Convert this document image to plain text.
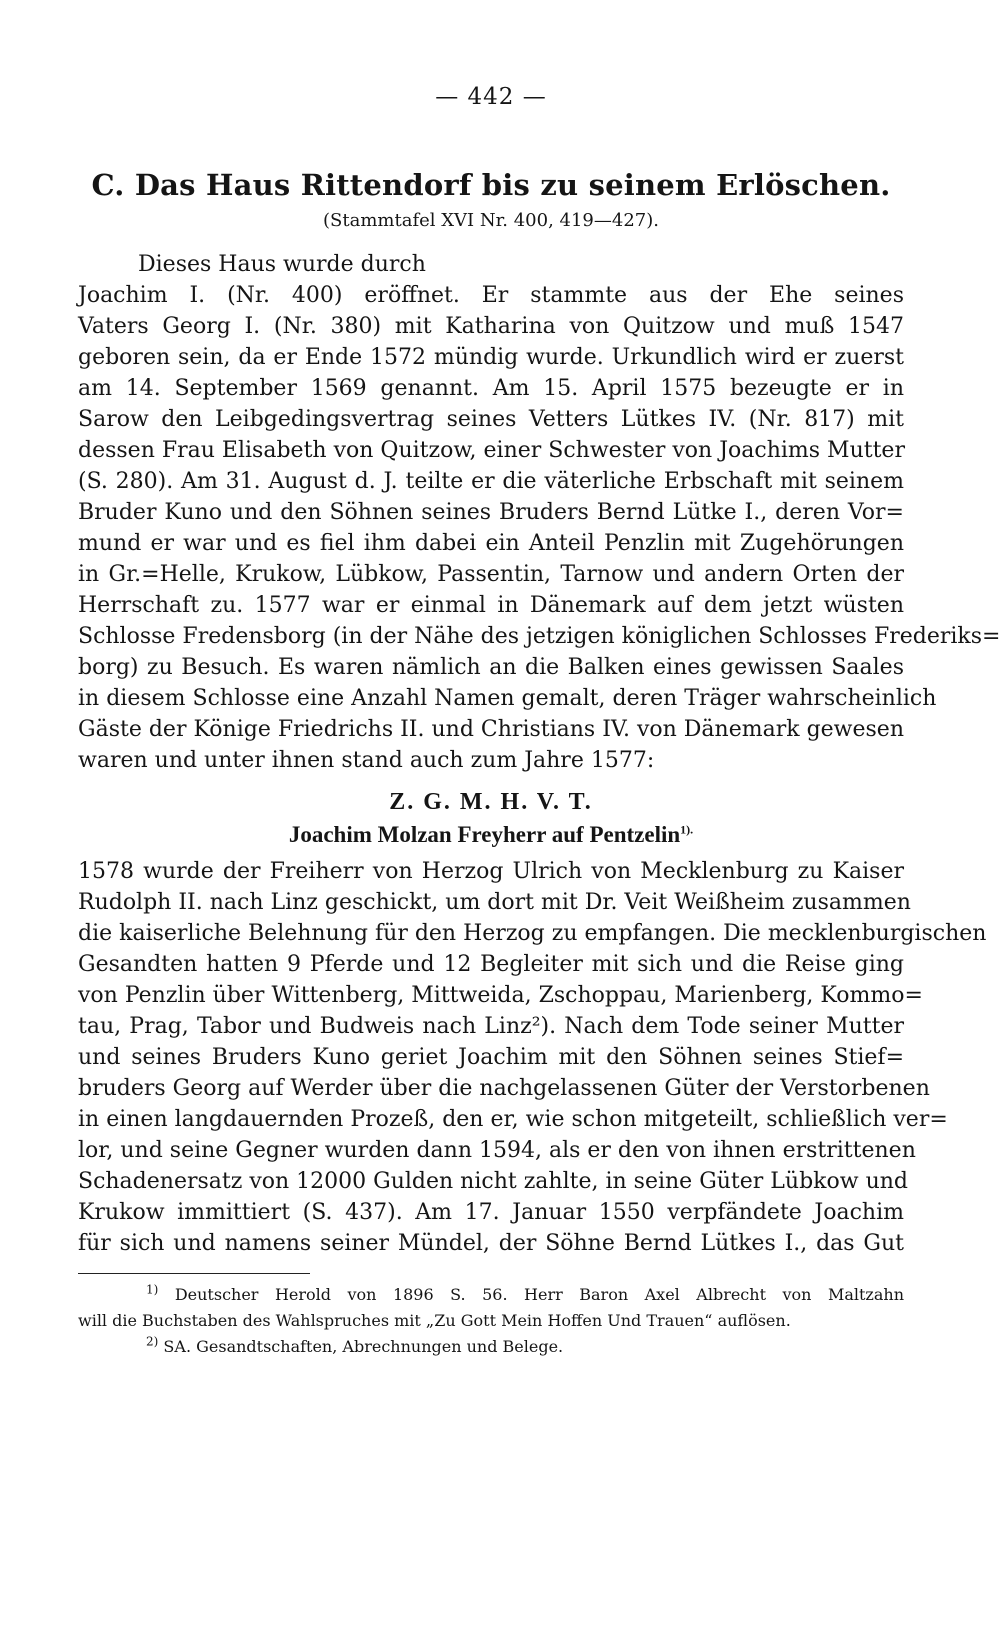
— 442 —
C. Das Haus Rittendorf bis zu seinem Erlöschen.
(Stammtafel XVI Nr. 400, 419—427).
Dieses Haus wurde durch
Joachim I. (Nr. 400) eröffnet. Er stammte aus der Ehe seines
Vaters Georg I. (Nr. 380) mit Katharina von Quitzow und muß 1547
geboren sein, da er Ende 1572 mündig wurde. Urkundlich wird er zuerst
am 14. September 1569 genannt. Am 15. April 1575 bezeugte er in
Sarow den Leibgedingsvertrag seines Vetters Lütkes IV. (Nr. 817) mit
dessen Frau Elisabeth von Quitzow, einer Schwester von Joachims Mutter
(S. 280). Am 31. August d. J. teilte er die väterliche Erbschaft mit seinem
Bruder Kuno und den Söhnen seines Bruders Bernd Lütke I., deren Vor=
mund er war und es fiel ihm dabei ein Anteil Penzlin mit Zugehörungen
in Gr.=Helle, Krukow, Lübkow, Passentin, Tarnow und andern Orten der
Herrschaft zu. 1577 war er einmal in Dänemark auf dem jetzt wüsten
Schlosse Fredensborg (in der Nähe des jetzigen königlichen Schlosses Frederiks=
borg) zu Besuch. Es waren nämlich an die Balken eines gewissen Saales
in diesem Schlosse eine Anzahl Namen gemalt, deren Träger wahrscheinlich
Gäste der Könige Friedrichs II. und Christians IV. von Dänemark gewesen
waren und unter ihnen stand auch zum Jahre 1577:
Z. G. M. H. V. T.
Joachim Molzan Freyherr auf Pentzelin$^{1).}$
1578 wurde der Freiherr von Herzog Ulrich von Mecklenburg zu Kaiser
Rudolph II. nach Linz geschickt, um dort mit Dr. Veit Weißheim zusammen
die kaiserliche Belehnung für den Herzog zu empfangen. Die mecklenburgischen
Gesandten hatten 9 Pferde und 12 Begleiter mit sich und die Reise ging
von Penzlin über Wittenberg, Mittweida, Zschoppau, Marienberg, Kommo=
tau, Prag, Tabor und Budweis nach Linz²). Nach dem Tode seiner Mutter
und seines Bruders Kuno geriet Joachim mit den Söhnen seines Stief=
bruders Georg auf Werder über die nachgelassenen Güter der Verstorbenen
in einen langdauernden Prozeß, den er, wie schon mitgeteilt, schließlich ver=
lor, und seine Gegner wurden dann 1594, als er den von ihnen erstrittenen
Schadenersatz von 12000 Gulden nicht zahlte, in seine Güter Lübkow und
Krukow immittiert (S. 437). Am 17. Januar 1550 verpfändete Joachim
für sich und namens seiner Mündel, der Söhne Bernd Lütkes I., das Gut
$^{1)}$ Deutscher Herold von 1896 S. 56. Herr Baron Axel Albrecht von Maltzahn
will die Buchstaben des Wahlspruches mit „Zu Gott Mein Hoffen Und Trauen“ auflösen.
$^{2)}$ SA. Gesandtschaften, Abrechnungen und Belege.
